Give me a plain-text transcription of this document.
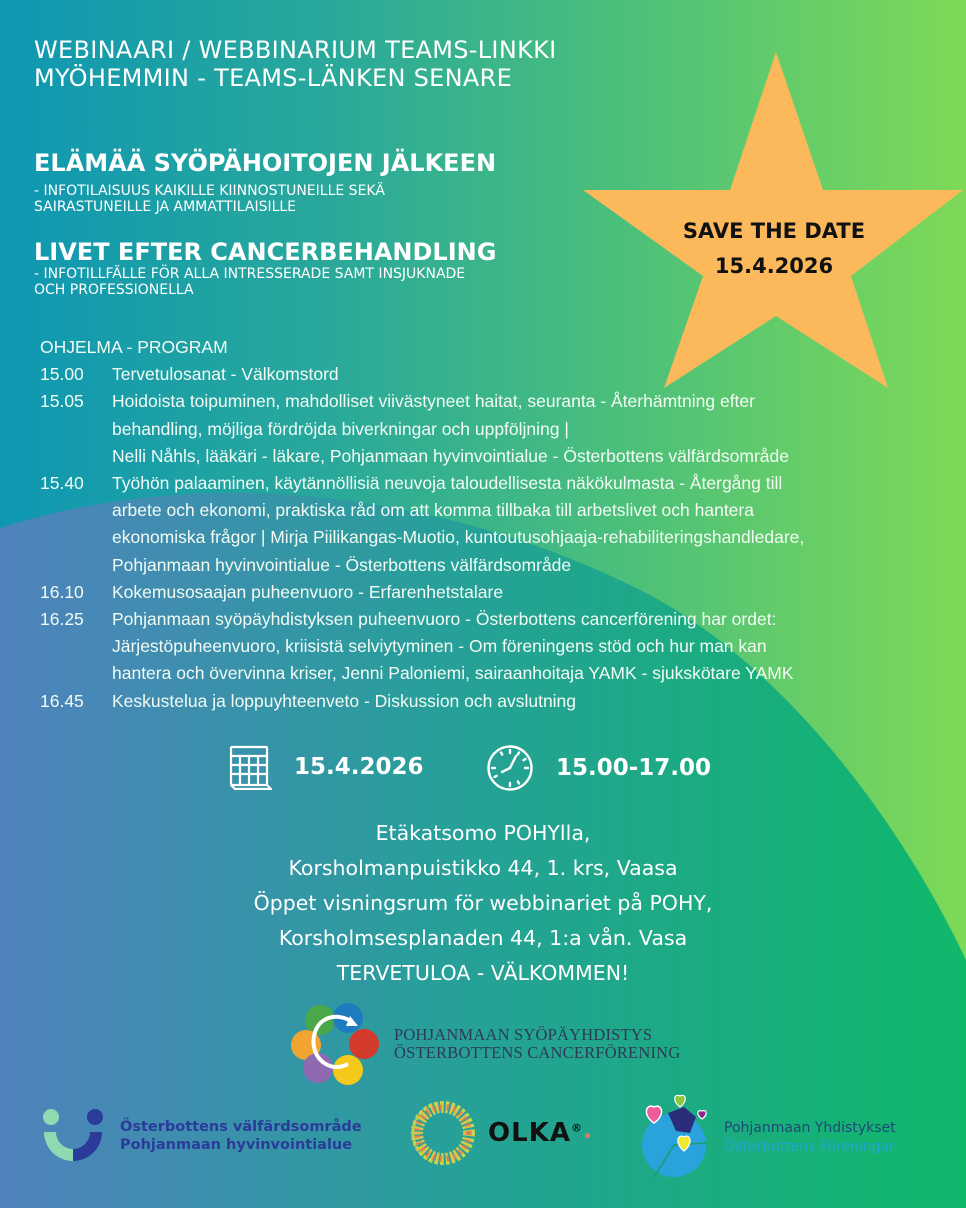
WEBINAARI / WEBBINARIUM TEAMS-LINKKI
MYÖHEMMIN - TEAMS-LÄNKEN SENARE
ELÄMÄÄ SYÖPÄHOITOJEN JÄLKEEN
- INFOTILAISUUS KAIKILLE KIINNOSTUNEILLE SEKÄ
SAIRASTUNEILLE JA AMMATTILAISILLE
LIVET EFTER CANCERBEHANDLING
- INFOTILLFÄLLE FÖR ALLA INTRESSERADE SAMT INSJUKNADE
OCH PROFESSIONELLA
SAVE THE DATE
15.4.2026
OHJELMA - PROGRAM
15.00	Tervetulosanat - Välkomstord
15.05	Hoidoista toipuminen, mahdolliset viivästyneet haitat, seuranta - Återhämtning efter
behandling, möjliga fördröjda biverkningar och uppföljning |
Nelli Nåhls, lääkäri - läkare, Pohjanmaan hyvinvointialue - Österbottens välfärdsområde
15.40	Työhön palaaminen, käytännöllisiä neuvoja taloudellisesta näkökulmasta - Återgång till
arbete och ekonomi, praktiska råd om att komma tillbaka till arbetslivet och hantera
ekonomiska frågor | Mirja Piilikangas-Muotio, kuntoutusohjaaja-rehabiliteringshandledare,
Pohjanmaan hyvinvointialue - Österbottens välfärdsområde
16.10	Kokemusosaajan puheenvuoro - Erfarenhetstalare
16.25	Pohjanmaan syöpäyhdistyksen puheenvuoro - Österbottens cancerförening har ordet:
Järjestöpuheenvuoro, kriisistä selviytyminen - Om föreningens stöd och hur man kan
hantera och övervinna kriser, Jenni Paloniemi, sairaanhoitaja YAMK - sjukskötare YAMK
16.45	Keskustelua ja loppuyhteenveto - Diskussion och avslutning
15.4.2026	15.00-17.00
Etäkatsomo POHYlla,
Korsholmanpuistikko 44, 1. krs, Vaasa
Öppet visningsrum för webbinariet på POHY,
Korsholmsesplanaden 44, 1:a vån. Vasa
TERVETULOA - VÄLKOMMEN!
POHJANMAAN SYÖPÄYHDISTYS
ÖSTERBOTTENS CANCERFÖRENING
Österbottens välfärdsområde
Pohjanmaan hyvinvointialue	OLKA®•
Pohjanmaan Yhdistykset
Österbottens Föreningar
